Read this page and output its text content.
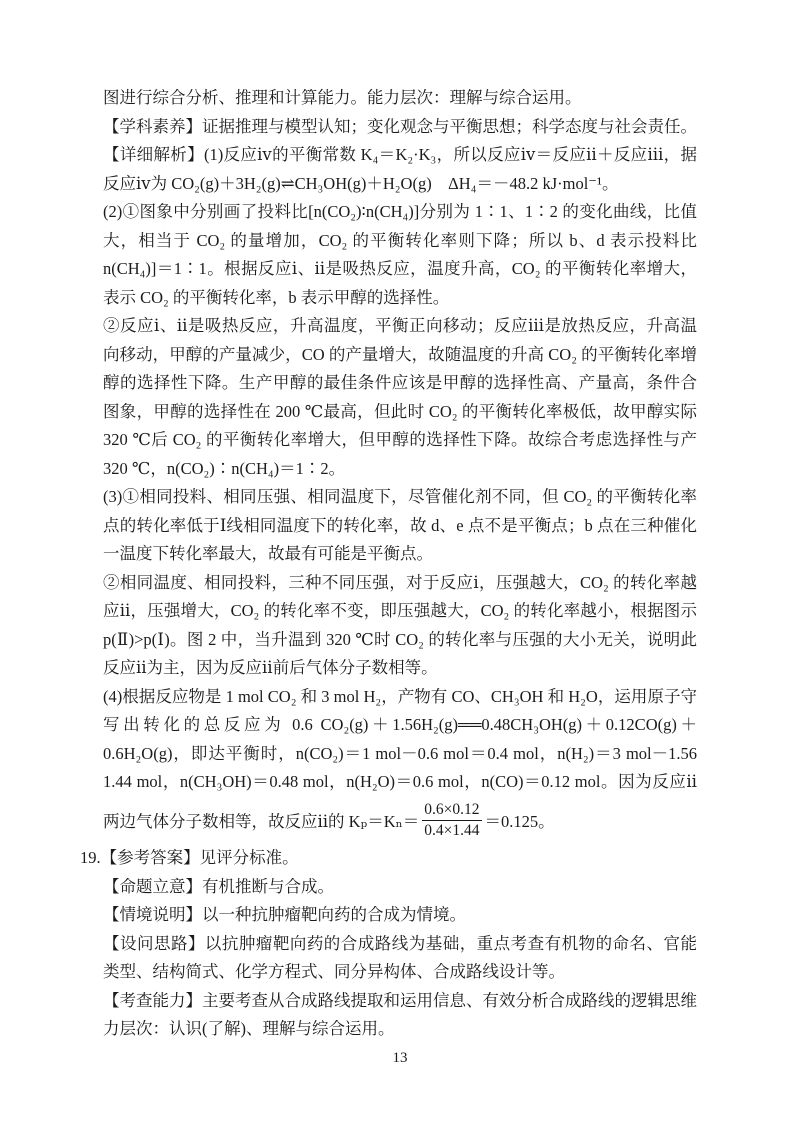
图进行综合分析、推理和计算能力。能力层次：理解与综合运用。
【学科素养】证据推理与模型认知；变化观念与平衡思想；科学态度与社会责任。
【详细解析】(1)反应ⅳ的平衡常数 K₄＝K₂·K₃，所以反应ⅳ＝反应ⅱ＋反应ⅲ，据
反应ⅳ为 CO₂(g)＋3H₂(g)⇌CH₃OH(g)＋H₂O(g)　ΔH₄＝－48.2 kJ·mol⁻¹。
(2)①图象中分别画了投料比[n(CO₂)∶n(CH₄)]分别为 1∶1、1∶2 的变化曲线，比值
大，相当于 CO₂ 的量增加，CO₂ 的平衡转化率则下降；所以 b、d 表示投料比
n(CH₄)]＝1∶1。根据反应ⅰ、ⅱ是吸热反应，温度升高，CO₂ 的平衡转化率增大，
表示 CO₂ 的平衡转化率，b 表示甲醇的选择性。
②反应ⅰ、ⅱ是吸热反应，升高温度，平衡正向移动；反应ⅲ是放热反应，升高温
向移动，甲醇的产量减少，CO 的产量增大，故随温度的升高 CO₂ 的平衡转化率增
醇的选择性下降。生产甲醇的最佳条件应该是甲醇的选择性高、产量高，条件合
图象，甲醇的选择性在 200 ℃最高，但此时 CO₂ 的平衡转化率极低，故甲醇实际
320 ℃后 CO₂ 的平衡转化率增大，但甲醇的选择性下降。故综合考虑选择性与产
320 ℃，n(CO₂)∶n(CH₄)＝1∶2。
(3)①相同投料、相同压强、相同温度下，尽管催化剂不同，但 CO₂ 的平衡转化率
点的转化率低于Ⅰ线相同温度下的转化率，故 d、e 点不是平衡点；b 点在三种催化
一温度下转化率最大，故最有可能是平衡点。
②相同温度、相同投料，三种不同压强，对于反应ⅰ，压强越大，CO₂ 的转化率越
应ⅱ，压强增大，CO₂ 的转化率不变，即压强越大，CO₂ 的转化率越小，根据图示
p(Ⅱ)>p(Ⅰ)。图 2 中，当升温到 320 ℃时 CO₂ 的转化率与压强的大小无关，说明此
反应ⅱ为主，因为反应ⅱ前后气体分子数相等。
(4)根据反应物是 1 mol CO₂ 和 3 mol H₂，产物有 CO、CH₃OH 和 H₂O，运用原子守
写出转化的总反应为 0.6 CO₂(g)＋1.56H₂(g)══0.48CH₃OH(g)＋0.12CO(g)＋
0.6H₂O(g)，即达平衡时，n(CO₂)＝1 mol－0.6 mol＝0.4 mol，n(H₂)＝3 mol－1.56
1.44 mol，n(CH₃OH)＝0.48 mol，n(H₂O)＝0.6 mol，n(CO)＝0.12 mol。因为反应ⅱ
两边气体分子数相等，故反应ⅱ的 $K_p=K_n= \frac{0.6\times 0.12}{0.4\times 1.44} =0.125$。
19.【参考答案】见评分标准。
【命题立意】有机推断与合成。
【情境说明】以一种抗肿瘤靶向药的合成为情境。
【设问思路】以抗肿瘤靶向药的合成路线为基础，重点考查有机物的命名、官能
类型、结构简式、化学方程式、同分异构体、合成路线设计等。
【考查能力】主要考查从合成路线提取和运用信息、有效分析合成路线的逻辑思维
力层次：认识(了解)、理解与综合运用。
13
